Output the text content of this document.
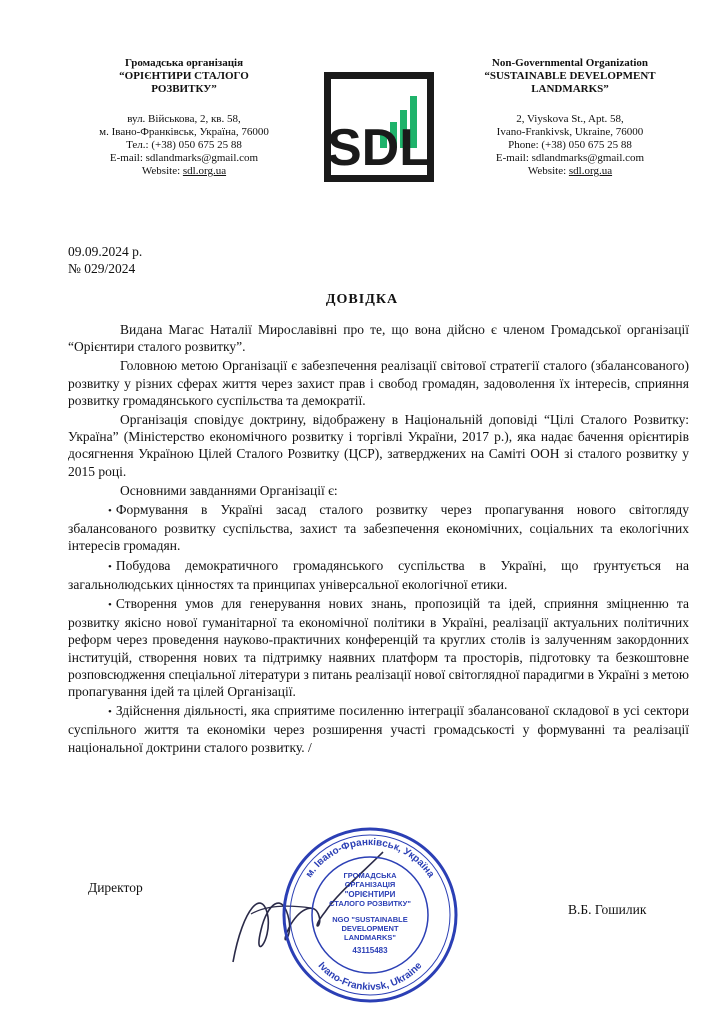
Громадська організація
“ОРІЄНТИРИ СТАЛОГО
РОЗВИТКУ”
вул. Військова, 2, кв. 58,
м. Івано-Франківськ, Україна, 76000
Тел.: (+38) 050 675 25 88
E-mail: sdlandmarks@gmail.com
Website: sdl.org.ua	SDL
Non-Governmental Organization
“SUSTAINABLE DEVELOPMENT
LANDMARKS”
2, Viyskova St., Apt. 58,
Ivano-Frankivsk, Ukraine, 76000
Phone: (+38) 050 675 25 88
E-mail: sdlandmarks@gmail.com
Website: sdl.org.ua
09.09.2024 р.
№ 029/2024
ДОВІДКА

Видана Магас Наталії Мирославівні про те, що вона дійсно є членом Громадської організації “Орієнтири сталого розвитку”.

Головною метою Організації є забезпечення реалізації світової стратегії сталого (збалансованого) розвитку у різних сферах життя через захист прав і свобод громадян, задоволення їх інтересів, сприяння розвитку громадянського суспільства та демократії.

Організація сповідує доктрину, відображену в Національній доповіді “Цілі Сталого Розвитку: Україна” (Міністерство економічного розвитку і торгівлі України, 2017 р.), яка надає бачення орієнтирів досягнення Україною Цілей Сталого Розвитку (ЦСР), затверджених на Саміті ООН зі сталого розвитку у 2015 році.

Основними завданнями Організації є:

• Формування в Україні засад сталого розвитку через пропагування нового світогляду збалансованого розвитку суспільства, захист та забезпечення економічних, соціальних та екологічних інтересів громадян.

• Побудова демократичного громадянського суспільства в Україні, що ґрунтується на загальнолюдських цінностях та принципах універсальної екологічної етики.

• Створення умов для генерування нових знань, пропозицій та ідей, сприяння зміцненню та розвитку якісно нової гуманітарної та економічної політики в Україні, реалізації актуальних політичних реформ через проведення науково-практичних конференцій та круглих столів із залученням закордонних інституцій, створення нових та підтримку наявних платформ та просторів, підготовку та безкоштовне розповсюдження спеціальної літератури з питань реалізації нової світоглядної парадигми в Україні з метою пропагування ідей та цілей Організації.

• Здійснення діяльності, яка сприятиме посиленню інтеграції збалансованої складової в усі сектори суспільного життя та економіки через розширення участі громадськості у формуванні та реалізації національної доктрини сталого розвитку. /

Директор
В.Б. Гошилик
м. Івано-Франківськ, Україна
Ivano-Frankivsk, Ukraine
ГРОМАДСЬКА
ОРГАНІЗАЦІЯ
"ОРІЄНТИРИ
СТАЛОГО РОЗВИТКУ"
NGO "SUSTAINABLE
DEVELOPMENT
LANDMARKS"
43115483
